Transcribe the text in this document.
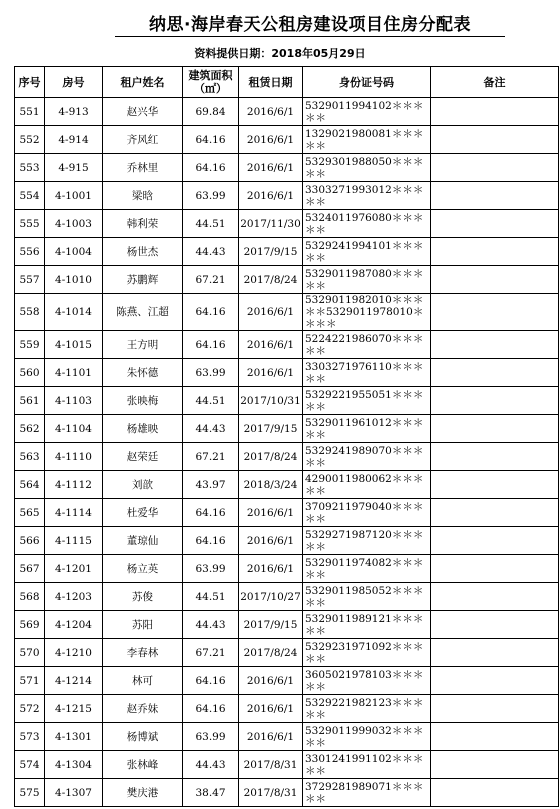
纳思·海岸春天公租房建设项目住房分配表
资料提供日期：2018年05月29日
序号	房号	租户姓名	建筑面积（㎡）	租赁日期	身份证号码	备注
551	4-913	赵兴华	69.84	2016/6/1	5329011994102＊＊＊＊＊	
552	4-914	齐风红	64.16	2016/6/1	1329021980081＊＊＊＊＊	
553	4-915	乔林里	64.16	2016/6/1	5329301988050＊＊＊＊＊	
554	4-1001	梁晗	63.99	2016/6/1	3303271993012＊＊＊＊＊	
555	4-1003	韩利荣	44.51	2017/11/30	5324011976080＊＊＊＊＊	
556	4-1004	杨世杰	44.43	2017/9/15	5329241994101＊＊＊＊＊	
557	4-1010	苏鹏辉	67.21	2017/8/24	5329011987080＊＊＊＊＊	
558	4-1014	陈燕、江超	64.16	2016/6/1	5329011982010＊＊＊＊＊5329011978010＊＊＊＊	
559	4-1015	王方明	64.16	2016/6/1	5224221986070＊＊＊＊＊	
560	4-1101	朱怀德	63.99	2016/6/1	3303271976110＊＊＊＊＊	
561	4-1103	张映梅	44.51	2017/10/31	5329221955051＊＊＊＊＊	
562	4-1104	杨雄映	44.43	2017/9/15	5329011961012＊＊＊＊＊	
563	4-1110	赵荣廷	67.21	2017/8/24	5329241989070＊＊＊＊＊	
564	4-1112	刘歆	43.97	2018/3/24	4290011980062＊＊＊＊＊	
565	4-1114	杜爱华	64.16	2016/6/1	3709211979040＊＊＊＊＊	
566	4-1115	董琼仙	64.16	2016/6/1	5329271987120＊＊＊＊＊	
567	4-1201	杨立英	63.99	2016/6/1	5329011974082＊＊＊＊＊	
568	4-1203	苏俊	44.51	2017/10/27	5329011985052＊＊＊＊＊	
569	4-1204	苏阳	44.43	2017/9/15	5329011989121＊＊＊＊＊	
570	4-1210	李春林	67.21	2017/8/24	5329231971092＊＊＊＊＊	
571	4-1214	林可	64.16	2016/6/1	3605021978103＊＊＊＊＊	
572	4-1215	赵乔妹	64.16	2016/6/1	5329221982123＊＊＊＊＊	
573	4-1301	杨博斌	63.99	2016/6/1	5329011999032＊＊＊＊＊	
574	4-1304	张林峰	44.43	2017/8/31	3301241991102＊＊＊＊＊	
575	4-1307	樊庆港	38.47	2017/8/31	3729281989071＊＊＊＊＊	
